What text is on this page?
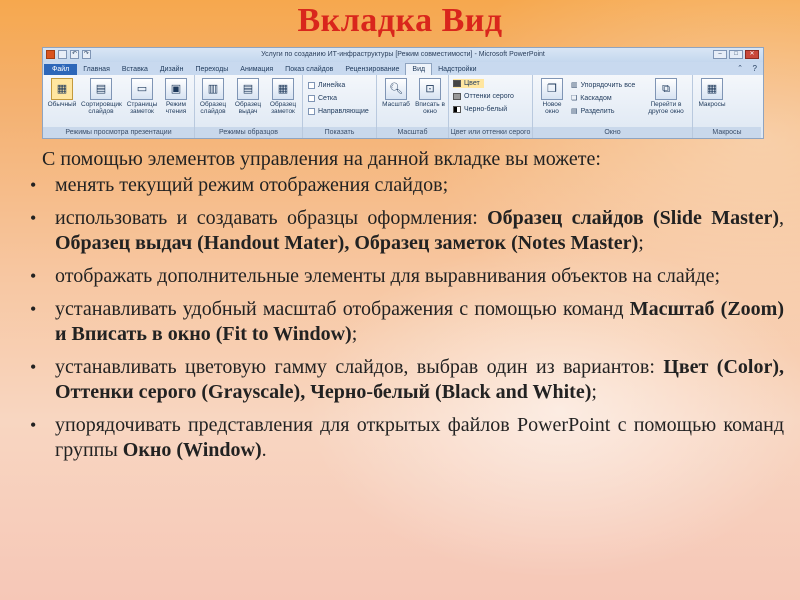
Вкладка Вид
↶	↷	Услуги по созданию ИТ-инфраструктуры [Режим совместимости] - Microsoft PowerPoint	–	□	✕
Файл	Главная	Вставка	Дизайн	Переходы	Анимация	Показ слайдов	Рецензирование	Вид	Надстройки	⌃ ?
▦
Обычный
▤
Сортировщик слайдов
▭
Страницы заметок
▣
Режим чтения
Режимы просмотра презентации
▥
Образец слайдов
▤
Образец выдач
▦
Образец заметок
Режимы образцов
Линейка
Сетка
Направляющие
Показать
🔍︎
Масштаб
⊡
Вписать в окно
Масштаб
Цвет
Оттенки серого
Черно-белый
Цвет или оттенки серого
❐
Новое окно
▥ Упорядочить все
❏ Каскадом
▤ Разделить
⧉
Перейти в другое окно
Окно
▦
Макросы
Макросы
С помощью элементов управления на данной вкладке вы можете:
• менять текущий режим отображения слайдов;
• использовать и создавать образцы оформления: Образец слайдов (Slide Master), Образец выдач (Handout Mater), Образец заметок (Notes Master);
• отображать дополнительные элементы для выравнивания объектов на слайде;
• устанавливать удобный масштаб отображения с помощью команд Масштаб (Zoom) и Вписать в окно (Fit to Window);
• устанавливать цветовую гамму слайдов, выбрав один из вариантов: Цвет (Color), Оттенки серого (Grayscale), Черно-белый (Black and White);
• упорядочивать представления для открытых файлов PowerPoint с помощью команд группы Окно (Window).
